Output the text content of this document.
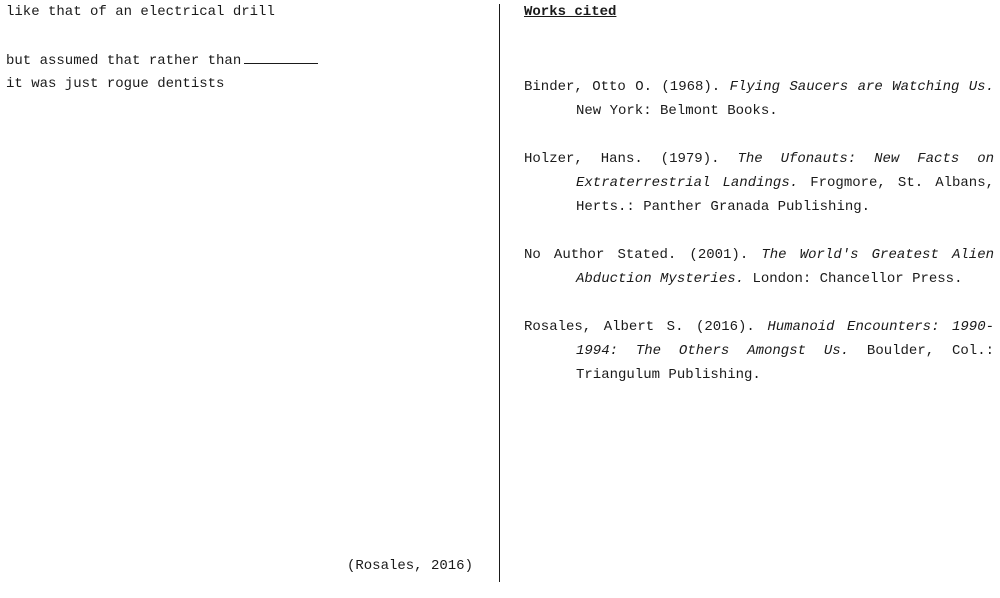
like that of an electrical drill
but assumed that rather than
it was just rogue dentists
(Rosales, 2016)
Works cited
Binder, Otto O. (1968). Flying Saucers are Watching Us. New York: Belmont Books.
Holzer, Hans. (1979). The Ufonauts: New Facts on Extraterrestrial Landings. Frogmore, St. Albans, Herts.: Panther Granada Publishing.
No Author Stated. (2001). The World's Greatest Alien Abduction Mysteries. London: Chancellor Press.
Rosales, Albert S. (2016). Humanoid Encounters: 1990-1994: The Others Amongst Us. Boulder, Col.: Triangulum Publishing.
